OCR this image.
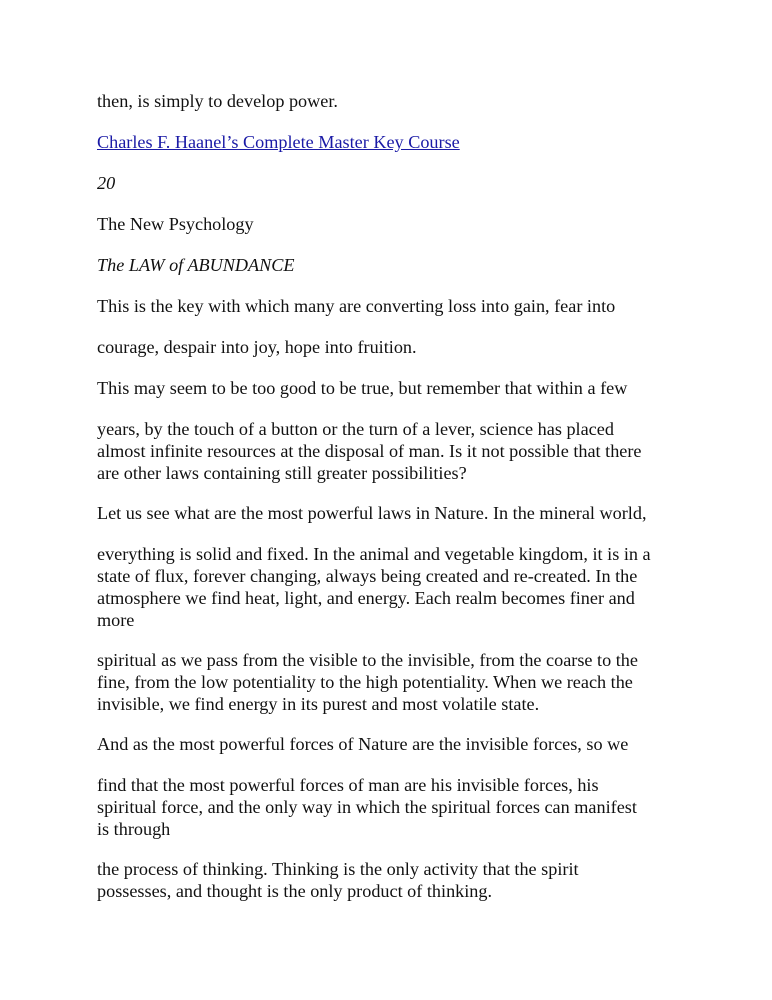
then, is simply to develop power.

Charles F. Haanel’s Complete Master Key Course

20

The New Psychology

The LAW of ABUNDANCE

This is the key with which many are converting loss into gain, fear into

courage, despair into joy, hope into fruition.

This may seem to be too good to be true, but remember that within a few

years, by the touch of a button or the turn of a lever, science has placed
almost infinite resources at the disposal of man. Is it not possible that there
are other laws containing still greater possibilities?

Let us see what are the most powerful laws in Nature. In the mineral world,

everything is solid and fixed. In the animal and vegetable kingdom, it is in a
state of flux, forever changing, always being created and re-created. In the
atmosphere we find heat, light, and energy. Each realm becomes finer and
more
spiritual as we pass from the visible to the invisible, from the coarse to the
fine, from the low potentiality to the high potentiality. When we reach the
invisible, we find energy in its purest and most volatile state.

And as the most powerful forces of Nature are the invisible forces, so we

find that the most powerful forces of man are his invisible forces, his
spiritual force, and the only way in which the spiritual forces can manifest
is through
the process of thinking. Thinking is the only activity that the spirit
possesses, and thought is the only product of thinking.
